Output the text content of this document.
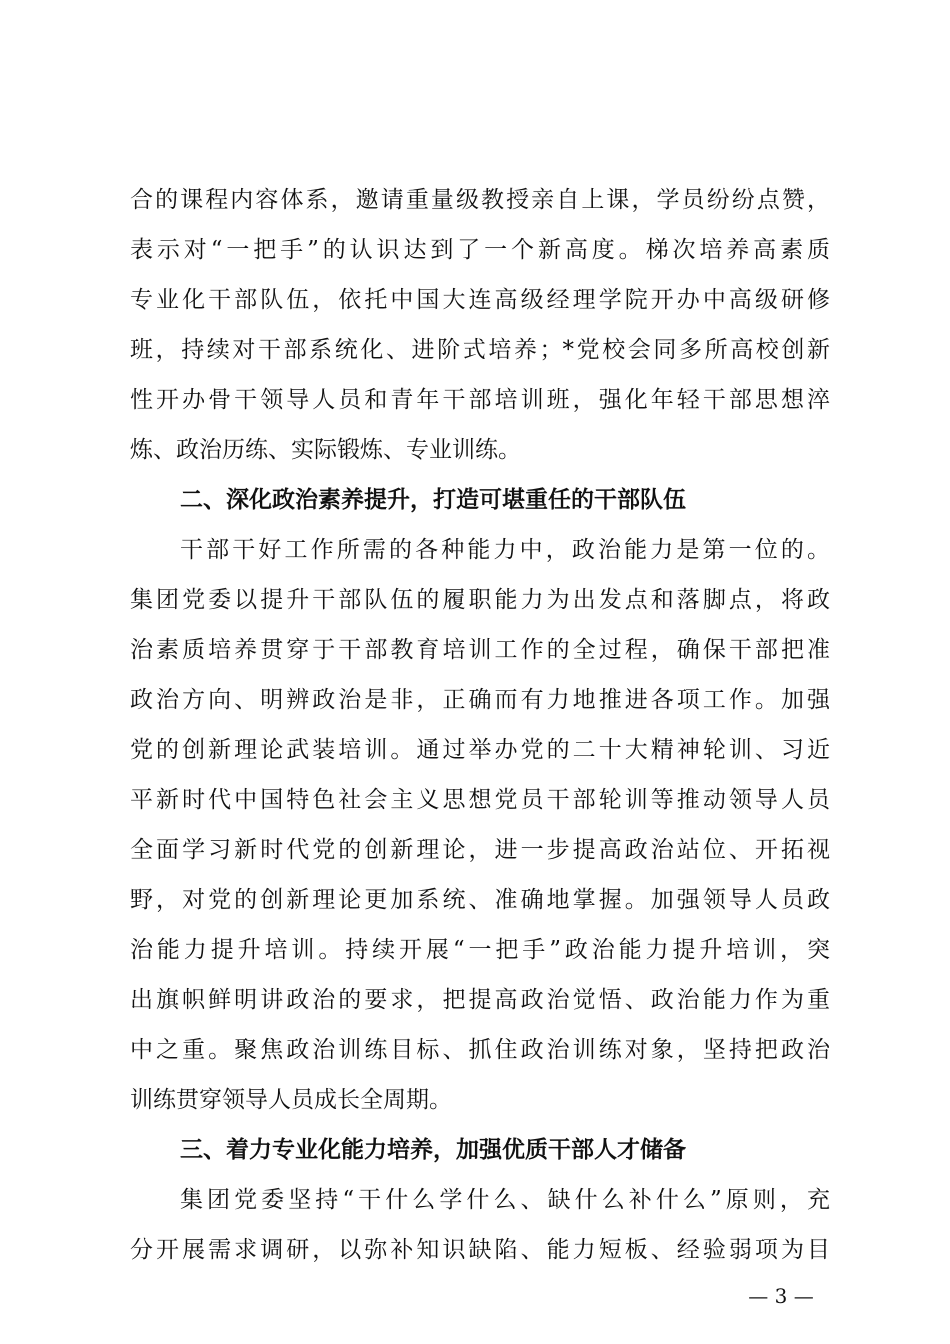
合的课程内容体系，邀请重量级教授亲自上课，学员纷纷点赞，
表示对“一把手”的认识达到了一个新高度。梯次培养高素质
专业化干部队伍，依托中国大连高级经理学院开办中高级研修
班，持续对干部系统化、进阶式培养；*党校会同多所高校创新
性开办骨干领导人员和青年干部培训班，强化年轻干部思想淬
炼、政治历练、实际锻炼、专业训练。
二、深化政治素养提升，打造可堪重任的干部队伍
干部干好工作所需的各种能力中，政治能力是第一位的。
集团党委以提升干部队伍的履职能力为出发点和落脚点，将政
治素质培养贯穿于干部教育培训工作的全过程，确保干部把准
政治方向、明辨政治是非，正确而有力地推进各项工作。加强
党的创新理论武装培训。通过举办党的二十大精神轮训、习近
平新时代中国特色社会主义思想党员干部轮训等推动领导人员
全面学习新时代党的创新理论，进一步提高政治站位、开拓视
野，对党的创新理论更加系统、准确地掌握。加强领导人员政
治能力提升培训。持续开展“一把手”政治能力提升培训，突
出旗帜鲜明讲政治的要求，把提高政治觉悟、政治能力作为重
中之重。聚焦政治训练目标、抓住政治训练对象，坚持把政治
训练贯穿领导人员成长全周期。
三、着力专业化能力培养，加强优质干部人才储备
集团党委坚持“干什么学什么、缺什么补什么”原则，充
分开展需求调研，以弥补知识缺陷、能力短板、经验弱项为目
— 3 —
